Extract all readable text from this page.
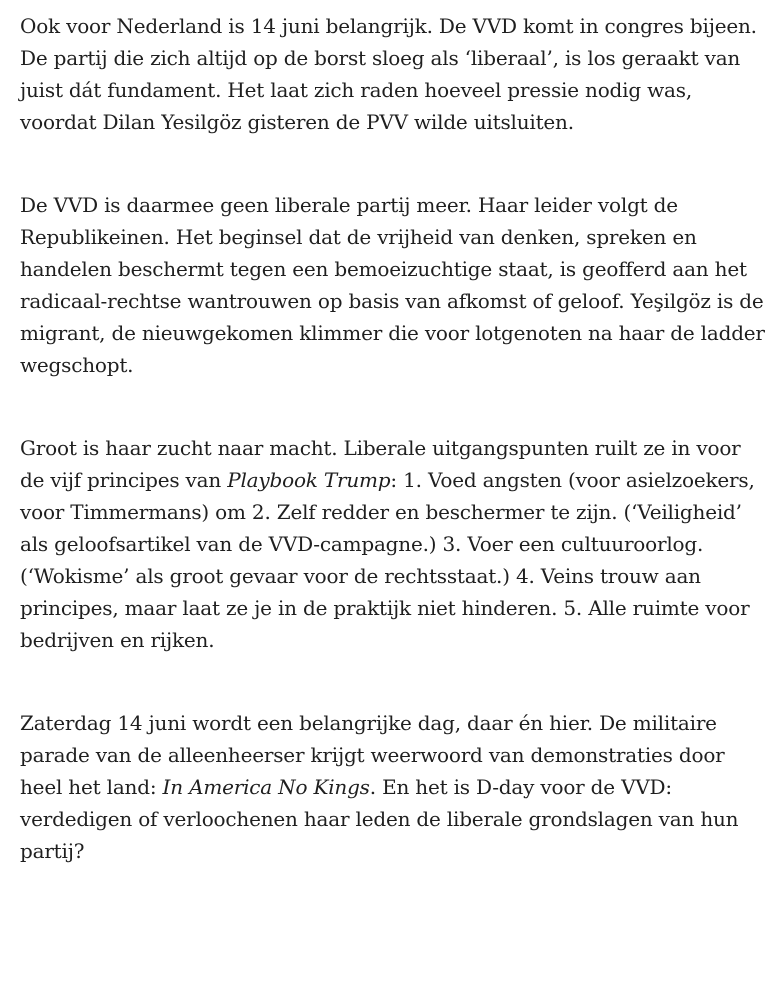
Ook voor Nederland is 14 juni belangrijk. De VVD komt in congres bijeen. De partij die zich altijd op de borst sloeg als ‘liberaal’, is los geraakt van juist dát fundament. Het laat zich raden hoeveel pressie nodig was, voordat Dilan Yesilgöz gisteren de PVV wilde uitsluiten.

De VVD is daarmee geen liberale partij meer. Haar leider volgt de Republikeinen. Het beginsel dat de vrijheid van denken, spreken en handelen beschermt tegen een bemoeizuchtige staat, is geofferd aan het radicaal-rechtse wantrouwen op basis van afkomst of geloof. Yeşilgöz is de migrant, de nieuwgekomen klimmer die voor lotgenoten na haar de ladder wegschopt.

Groot is haar zucht naar macht. Liberale uitgangspunten ruilt ze in voor de vijf principes van Playbook Trump: 1. Voed angsten (voor asielzoekers, voor Timmermans) om 2. Zelf redder en beschermer te zijn. (‘Veiligheid’ als geloofsartikel van de VVD-campagne.) 3. Voer een cultuuroorlog. (‘Wokisme’ als groot gevaar voor de rechtsstaat.) 4. Veins trouw aan principes, maar laat ze je in de praktijk niet hinderen. 5. Alle ruimte voor bedrijven en rijken.

Zaterdag 14 juni wordt een belangrijke dag, daar én hier. De militaire parade van de alleenheerser krijgt weerwoord van demonstraties door heel het land: In America No Kings. En het is D-day voor de VVD: verdedigen of verloochenen haar leden de liberale grondslagen van hun partij?
